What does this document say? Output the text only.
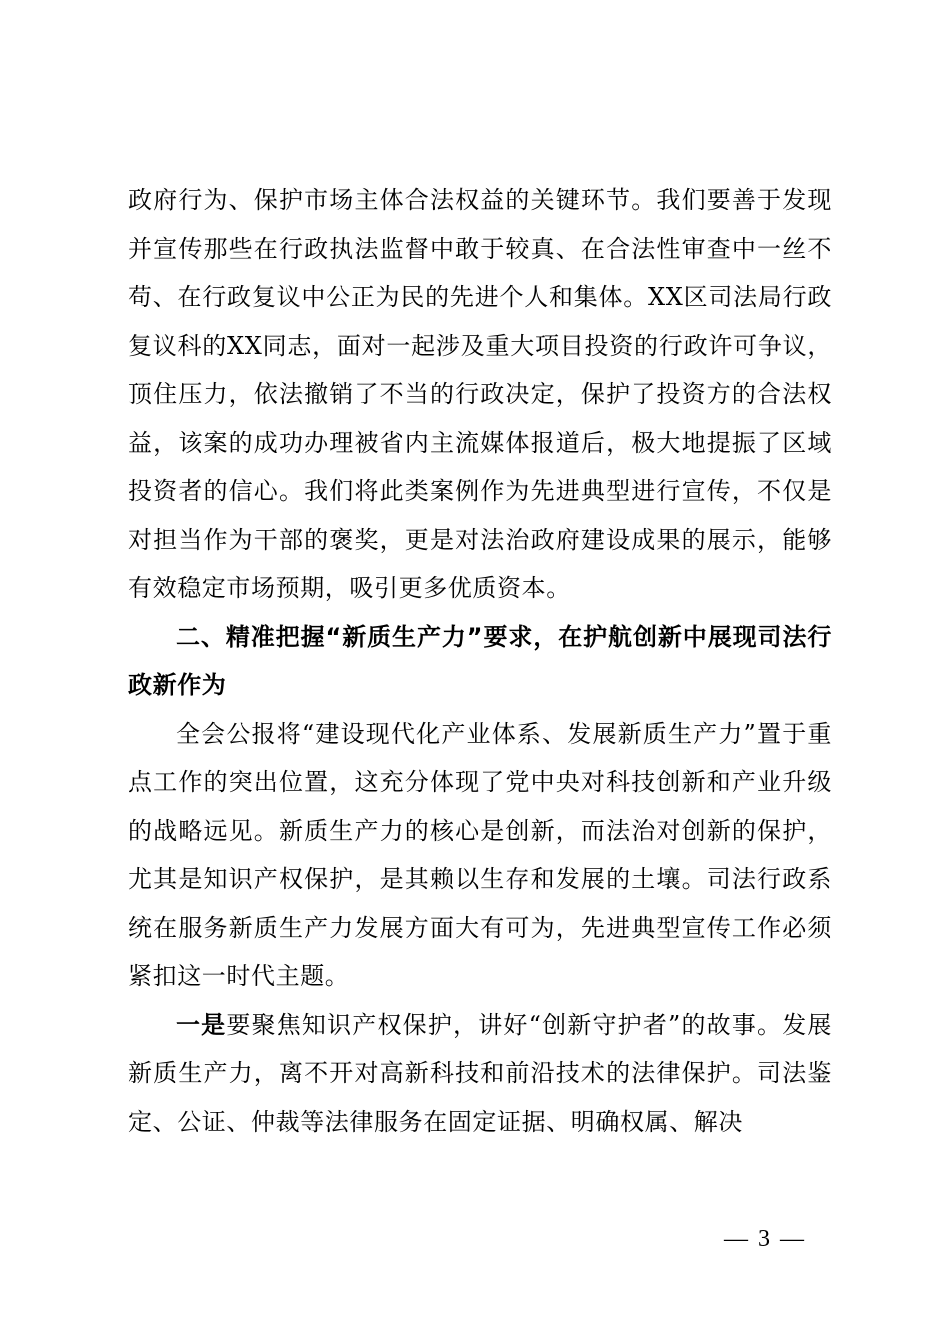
政府行为、保护市场主体合法权益的关键环节。我们要善于发现并宣传那些在行政执法监督中敢于较真、在合法性审查中一丝不苟、在行政复议中公正为民的先进个人和集体。XX区司法局行政复议科的XX同志，面对一起涉及重大项目投资的行政许可争议，顶住压力，依法撤销了不当的行政决定，保护了投资方的合法权益，该案的成功办理被省内主流媒体报道后，极大地提振了区域投资者的信心。我们将此类案例作为先进典型进行宣传，不仅是对担当作为干部的褒奖，更是对法治政府建设成果的展示，能够有效稳定市场预期，吸引更多优质资本。

二、精准把握“新质生产力”要求，在护航创新中展现司法行政新作为

全会公报将“建设现代化产业体系、发展新质生产力”置于重点工作的突出位置，这充分体现了党中央对科技创新和产业升级的战略远见。新质生产力的核心是创新，而法治对创新的保护，尤其是知识产权保护，是其赖以生存和发展的土壤。司法行政系统在服务新质生产力发展方面大有可为，先进典型宣传工作必须紧扣这一时代主题。

一是要聚焦知识产权保护，讲好“创新守护者”的故事。发展新质生产力，离不开对高新科技和前沿技术的法律保护。司法鉴定、公证、仲裁等法律服务在固定证据、明确权属、解决

— 3 —
